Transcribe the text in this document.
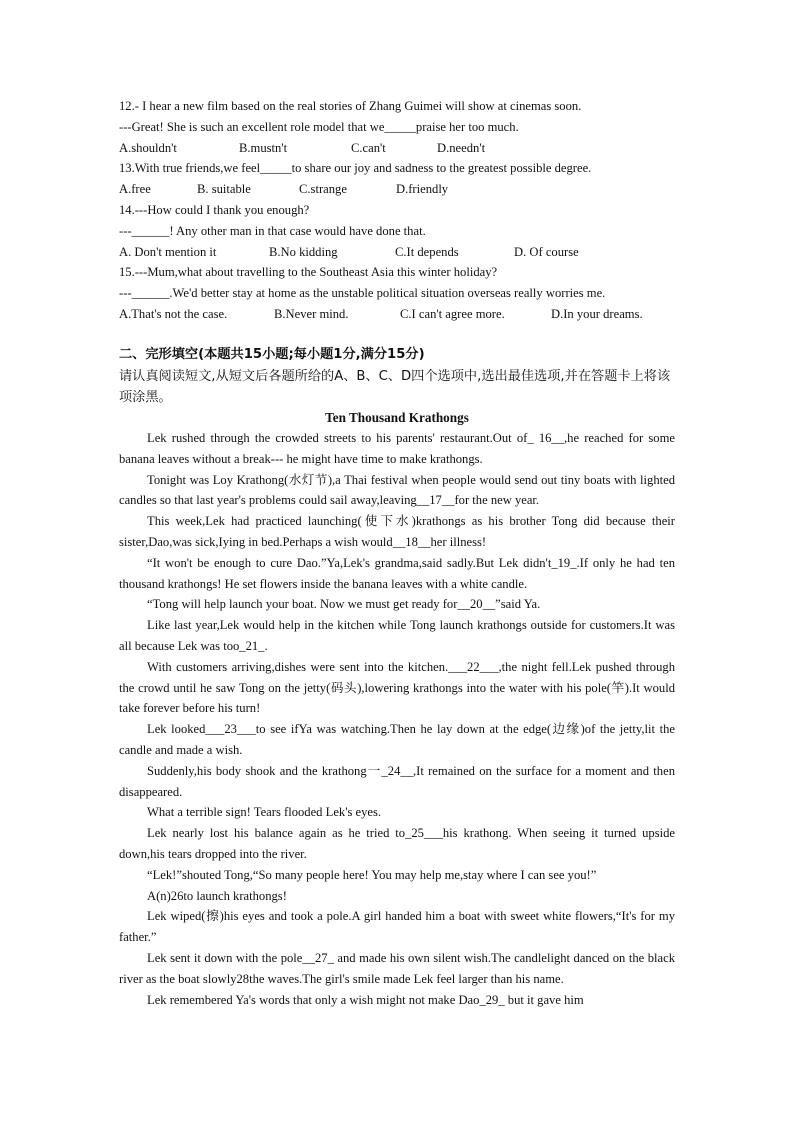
12.- I hear a new film based on the real stories of Zhang Guimei will show at cinemas soon.
---Great! She is such an excellent role model that we_____praise her too much.
A.shouldn't	B.mustn't	C.can't	D.needn't
13.With true friends,we feel_____to share our joy and sadness to the greatest possible degree.
A.free	B. suitable	C.strange	D.friendly
14.---How could I thank you enough?
---______! Any other man in that case would have done that.
A. Don't mention it	B.No kidding	C.It depends	D. Of course
15.---Mum,what about travelling to the Southeast Asia this winter holiday?
---______.We'd better stay at home as the unstable political situation overseas really worries me.
A.That's not the case.	B.Never mind.	C.I can't agree more.	D.In your dreams.
二、完形填空(本题共15小题;每小题1分,满分15分)
请认真阅读短文,从短文后各题所给的A、B、C、D四个选项中,选出最佳选项,并在答题卡上将该项涂黑。
Ten Thousand Krathongs
Lek rushed through the crowded streets to his parents' restaurant.Out of_ 16__,he reached for some banana leaves without a break--- he might have time to make krathongs.
Tonight was Loy Krathong(水灯节),a Thai festival when people would send out tiny boats with lighted candles so that last year's problems could sail away,leaving__17__for the new year.
This week,Lek had practiced launching(使下水)krathongs as his brother Tong did because their sister,Dao,was sick,Iying in bed.Perhaps a wish would__18__her illness!
“It won't be enough to cure Dao.”Ya,Lek's grandma,said sadly.But Lek didn't_19_.If only he had ten thousand krathongs! He set flowers inside the banana leaves with a white candle.
“Tong will help launch your boat. Now we must get ready for__20__”said Ya.
Like last year,Lek would help in the kitchen while Tong launch krathongs outside for customers.It was all because Lek was too_21_.
With customers arriving,dishes were sent into the kitchen.___22___,the night fell.Lek pushed through the crowd until he saw Tong on the jetty(码头),lowering krathongs into the water with his pole(竿).It would take forever before his turn!
Lek looked___23___to see ifYa was watching.Then he lay down at the edge(边缘)of the jetty,lit the candle and made a wish.
Suddenly,his body shook and the krathong一_24__,It remained on the surface for a moment and then disappeared.
What a terrible sign! Tears flooded Lek's eyes.
Lek nearly lost his balance again as he tried to_25___his krathong. When seeing it turned upside down,his tears dropped into the river.
“Lek!”shouted Tong,“So many people here! You may help me,stay where I can see you!”
A(n)26to launch krathongs!
Lek wiped(擦)his eyes and took a pole.A girl handed him a boat with sweet white flowers,“It's for my father.”
Lek sent it down with the pole__27_ and made his own silent wish.The candlelight danced on the black river as the boat slowly28the waves.The girl's smile made Lek feel larger than his name.
Lek remembered Ya's words that only a wish might not make Dao_29_ but it gave him
